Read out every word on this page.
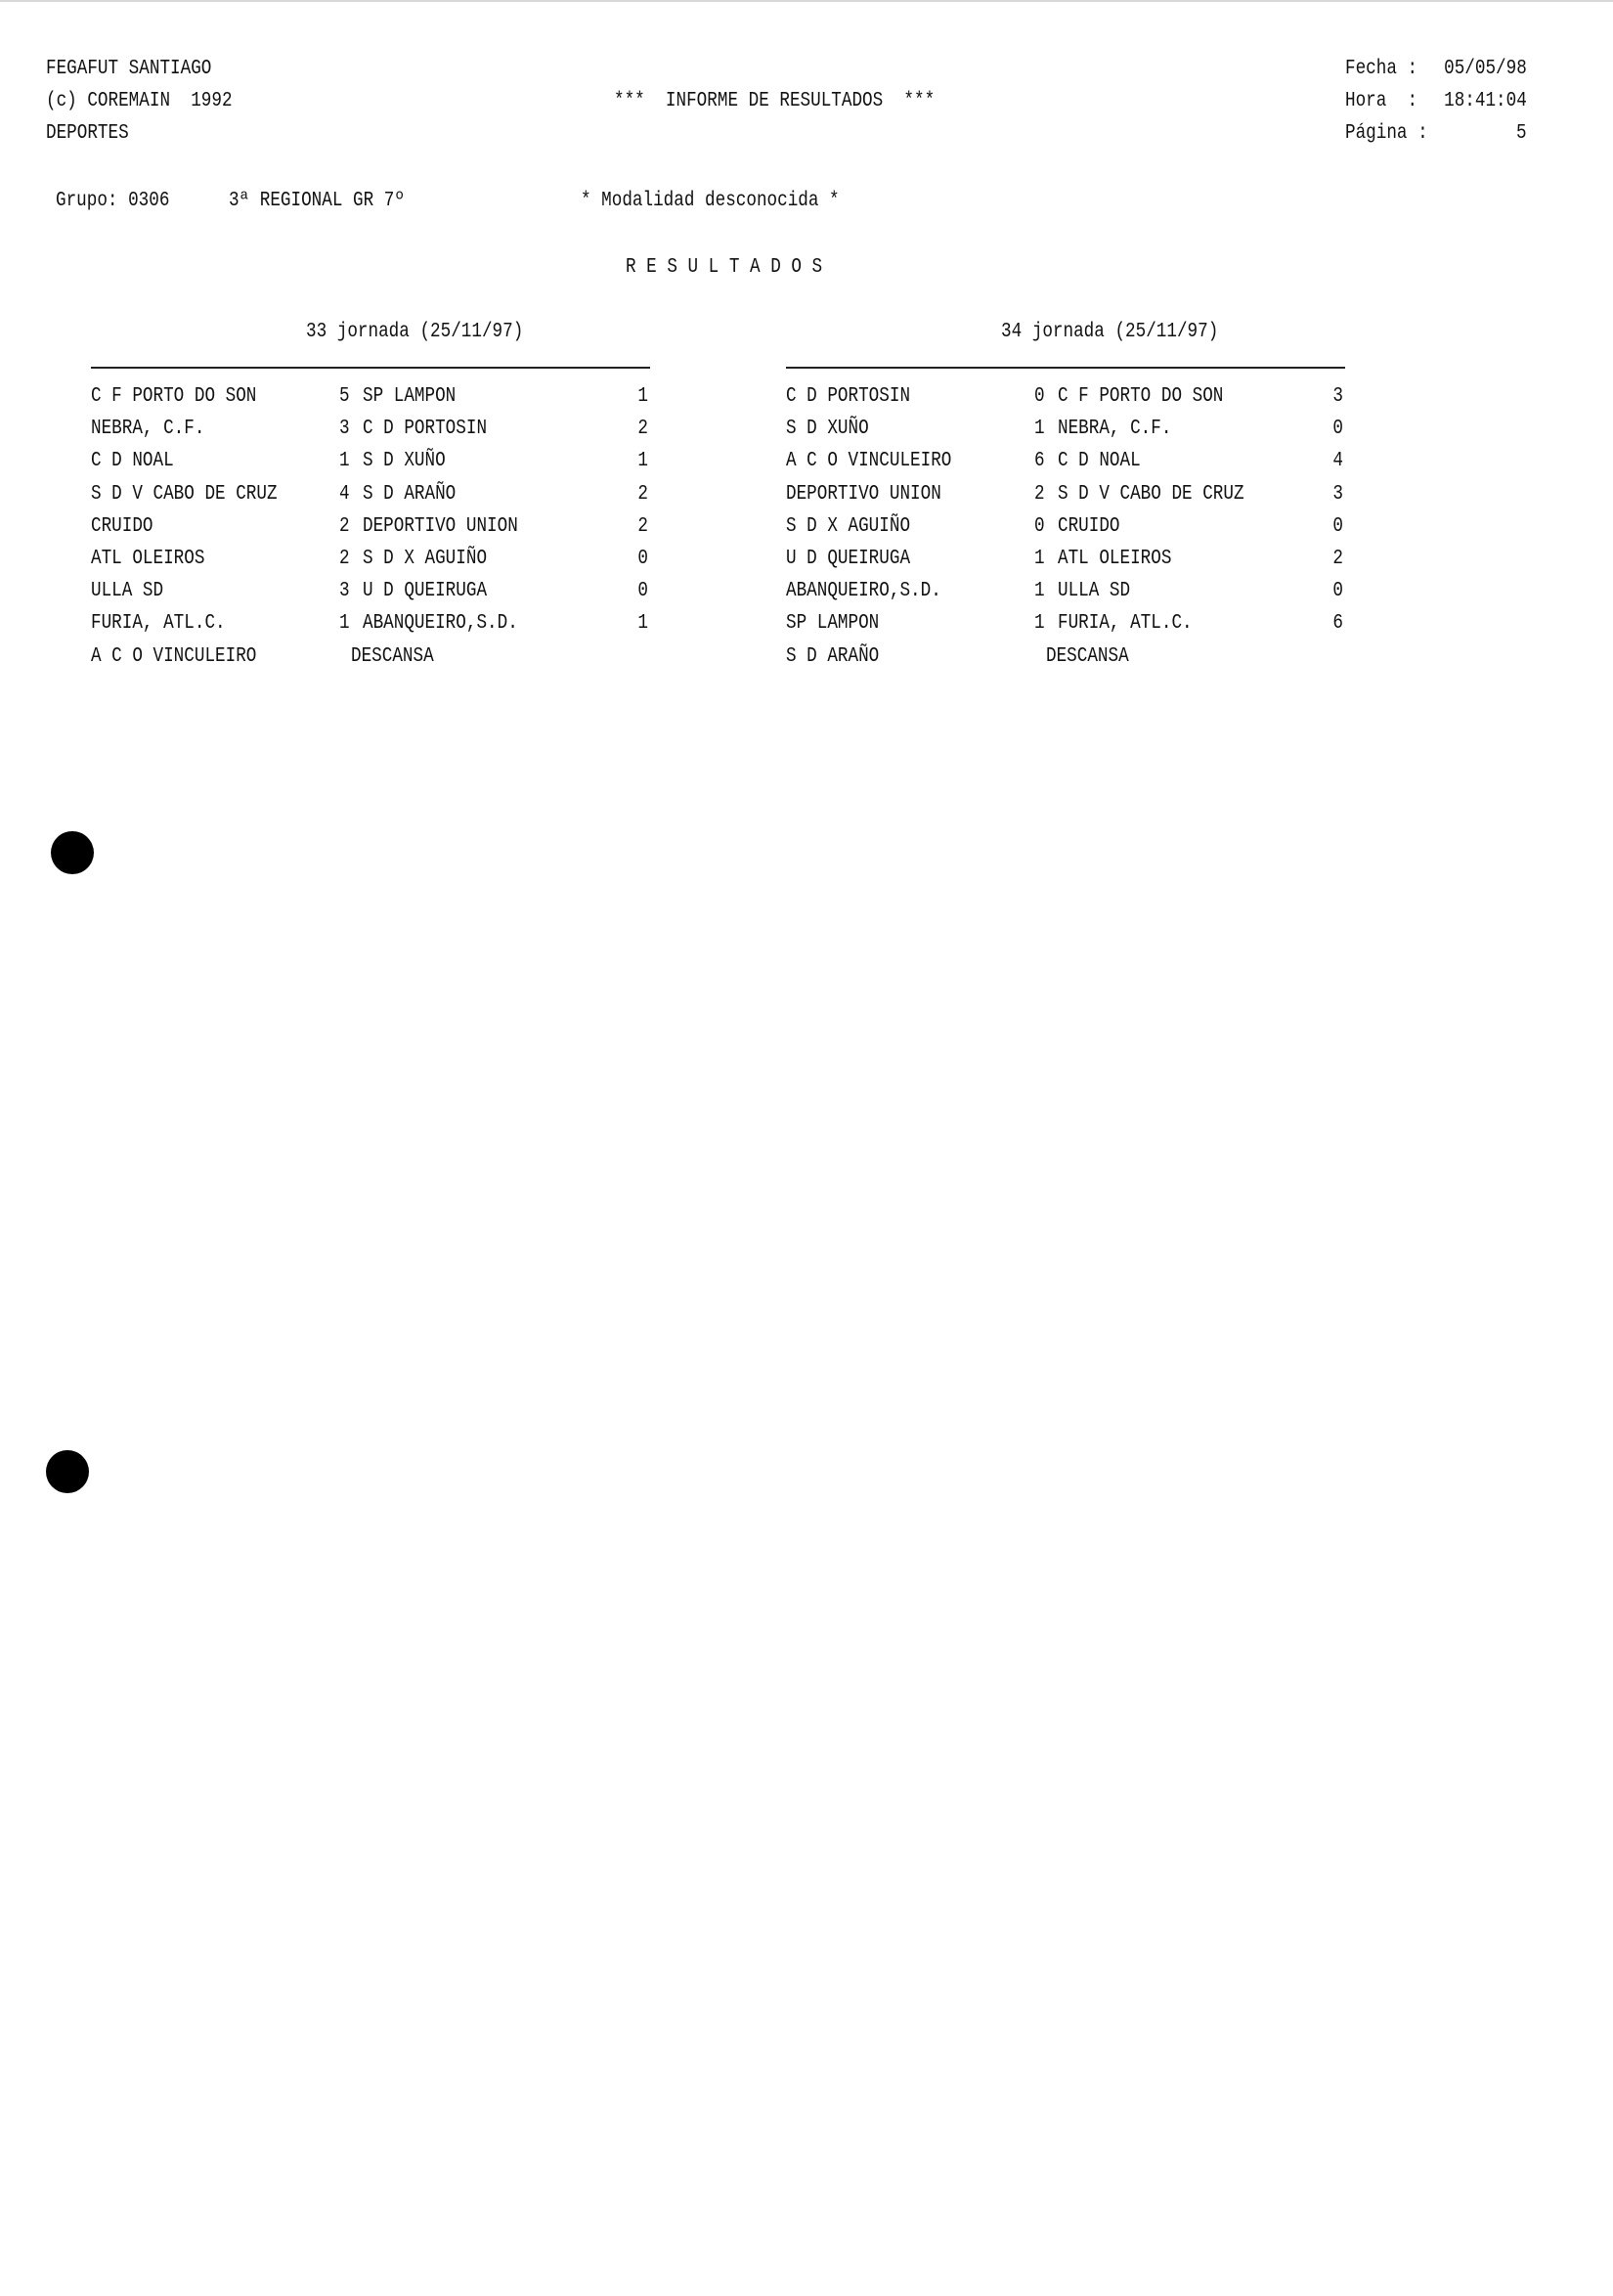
FEGAFUT SANTIAGO
(c) COREMAIN  1992
DEPORTES
***  INFORME DE RESULTADOS  ***
Fecha : 05/05/98
Hora  : 18:41:04
Página :	5
Grupo: 0306	3ª REGIONAL GR 7º	* Modalidad desconocida *
R E S U L T A D O S
33 jornada (25/11/97)	34 jornada (25/11/97)
C F PORTO DO SON	5 SP LAMPON	1
NEBRA, C.F.	3 C D PORTOSIN	2
C D NOAL	1 S D XUÑO	1
S D V CABO DE CRUZ	4 S D ARAÑO	2
CRUIDO	2 DEPORTIVO UNION	2
ATL OLEIROS	2 S D X AGUIÑO	0
ULLA SD	3 U D QUEIRUGA	0
FURIA, ATL.C.	1 ABANQUEIRO,S.D.	1
A C O VINCULEIRO	DESCANSA
C D PORTOSIN	0 C F PORTO DO SON	3
S D XUÑO	1 NEBRA, C.F.	0
A C O VINCULEIRO	6 C D NOAL	4
DEPORTIVO UNION	2 S D V CABO DE CRUZ	3
S D X AGUIÑO	0 CRUIDO	0
U D QUEIRUGA	1 ATL OLEIROS	2
ABANQUEIRO,S.D.	1 ULLA SD	0
SP LAMPON	1 FURIA, ATL.C.	6
S D ARAÑO	DESCANSA
